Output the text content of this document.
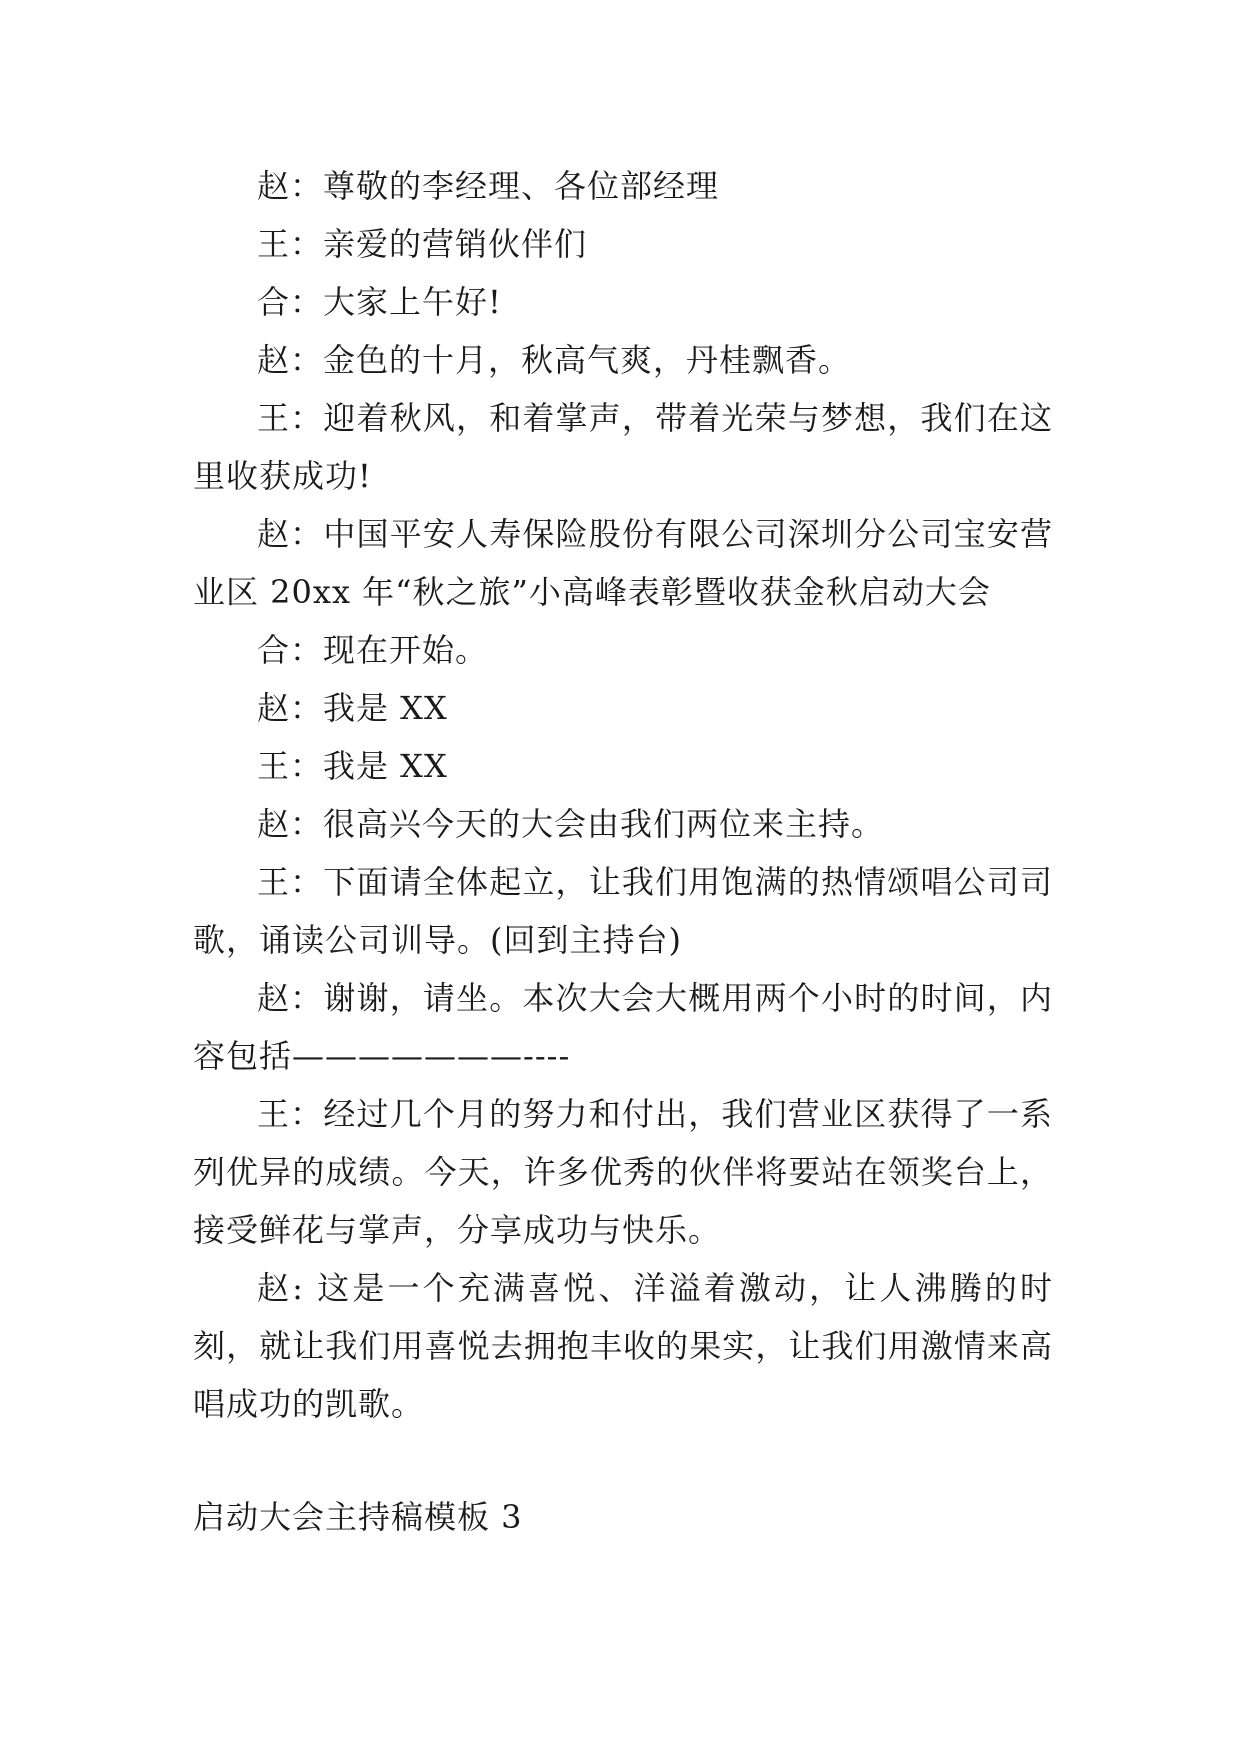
赵：尊敬的李经理、各位部经理

王：亲爱的营销伙伴们

合：大家上午好!

赵：金色的十月，秋高气爽，丹桂飘香。

王：迎着秋风，和着掌声，带着光荣与梦想，我们在这里收获成功!

赵：中国平安人寿保险股份有限公司深圳分公司宝安营业区 20xx 年“秋之旅”小高峰表彰暨收获金秋启动大会

合：现在开始。

赵：我是 XX

王：我是 XX

赵：很高兴今天的大会由我们两位来主持。

王：下面请全体起立，让我们用饱满的热情颂唱公司司歌，诵读公司训导。(回到主持台)

赵：谢谢，请坐。本次大会大概用两个小时的时间，内容包括———————----

王：经过几个月的努力和付出，我们营业区获得了一系列优异的成绩。今天，许多优秀的伙伴将要站在领奖台上，接受鲜花与掌声，分享成功与快乐。

赵: 这是一个充满喜悦、洋溢着激动，让人沸腾的时刻，就让我们用喜悦去拥抱丰收的果实，让我们用激情来高唱成功的凯歌。

启动大会主持稿模板 3
